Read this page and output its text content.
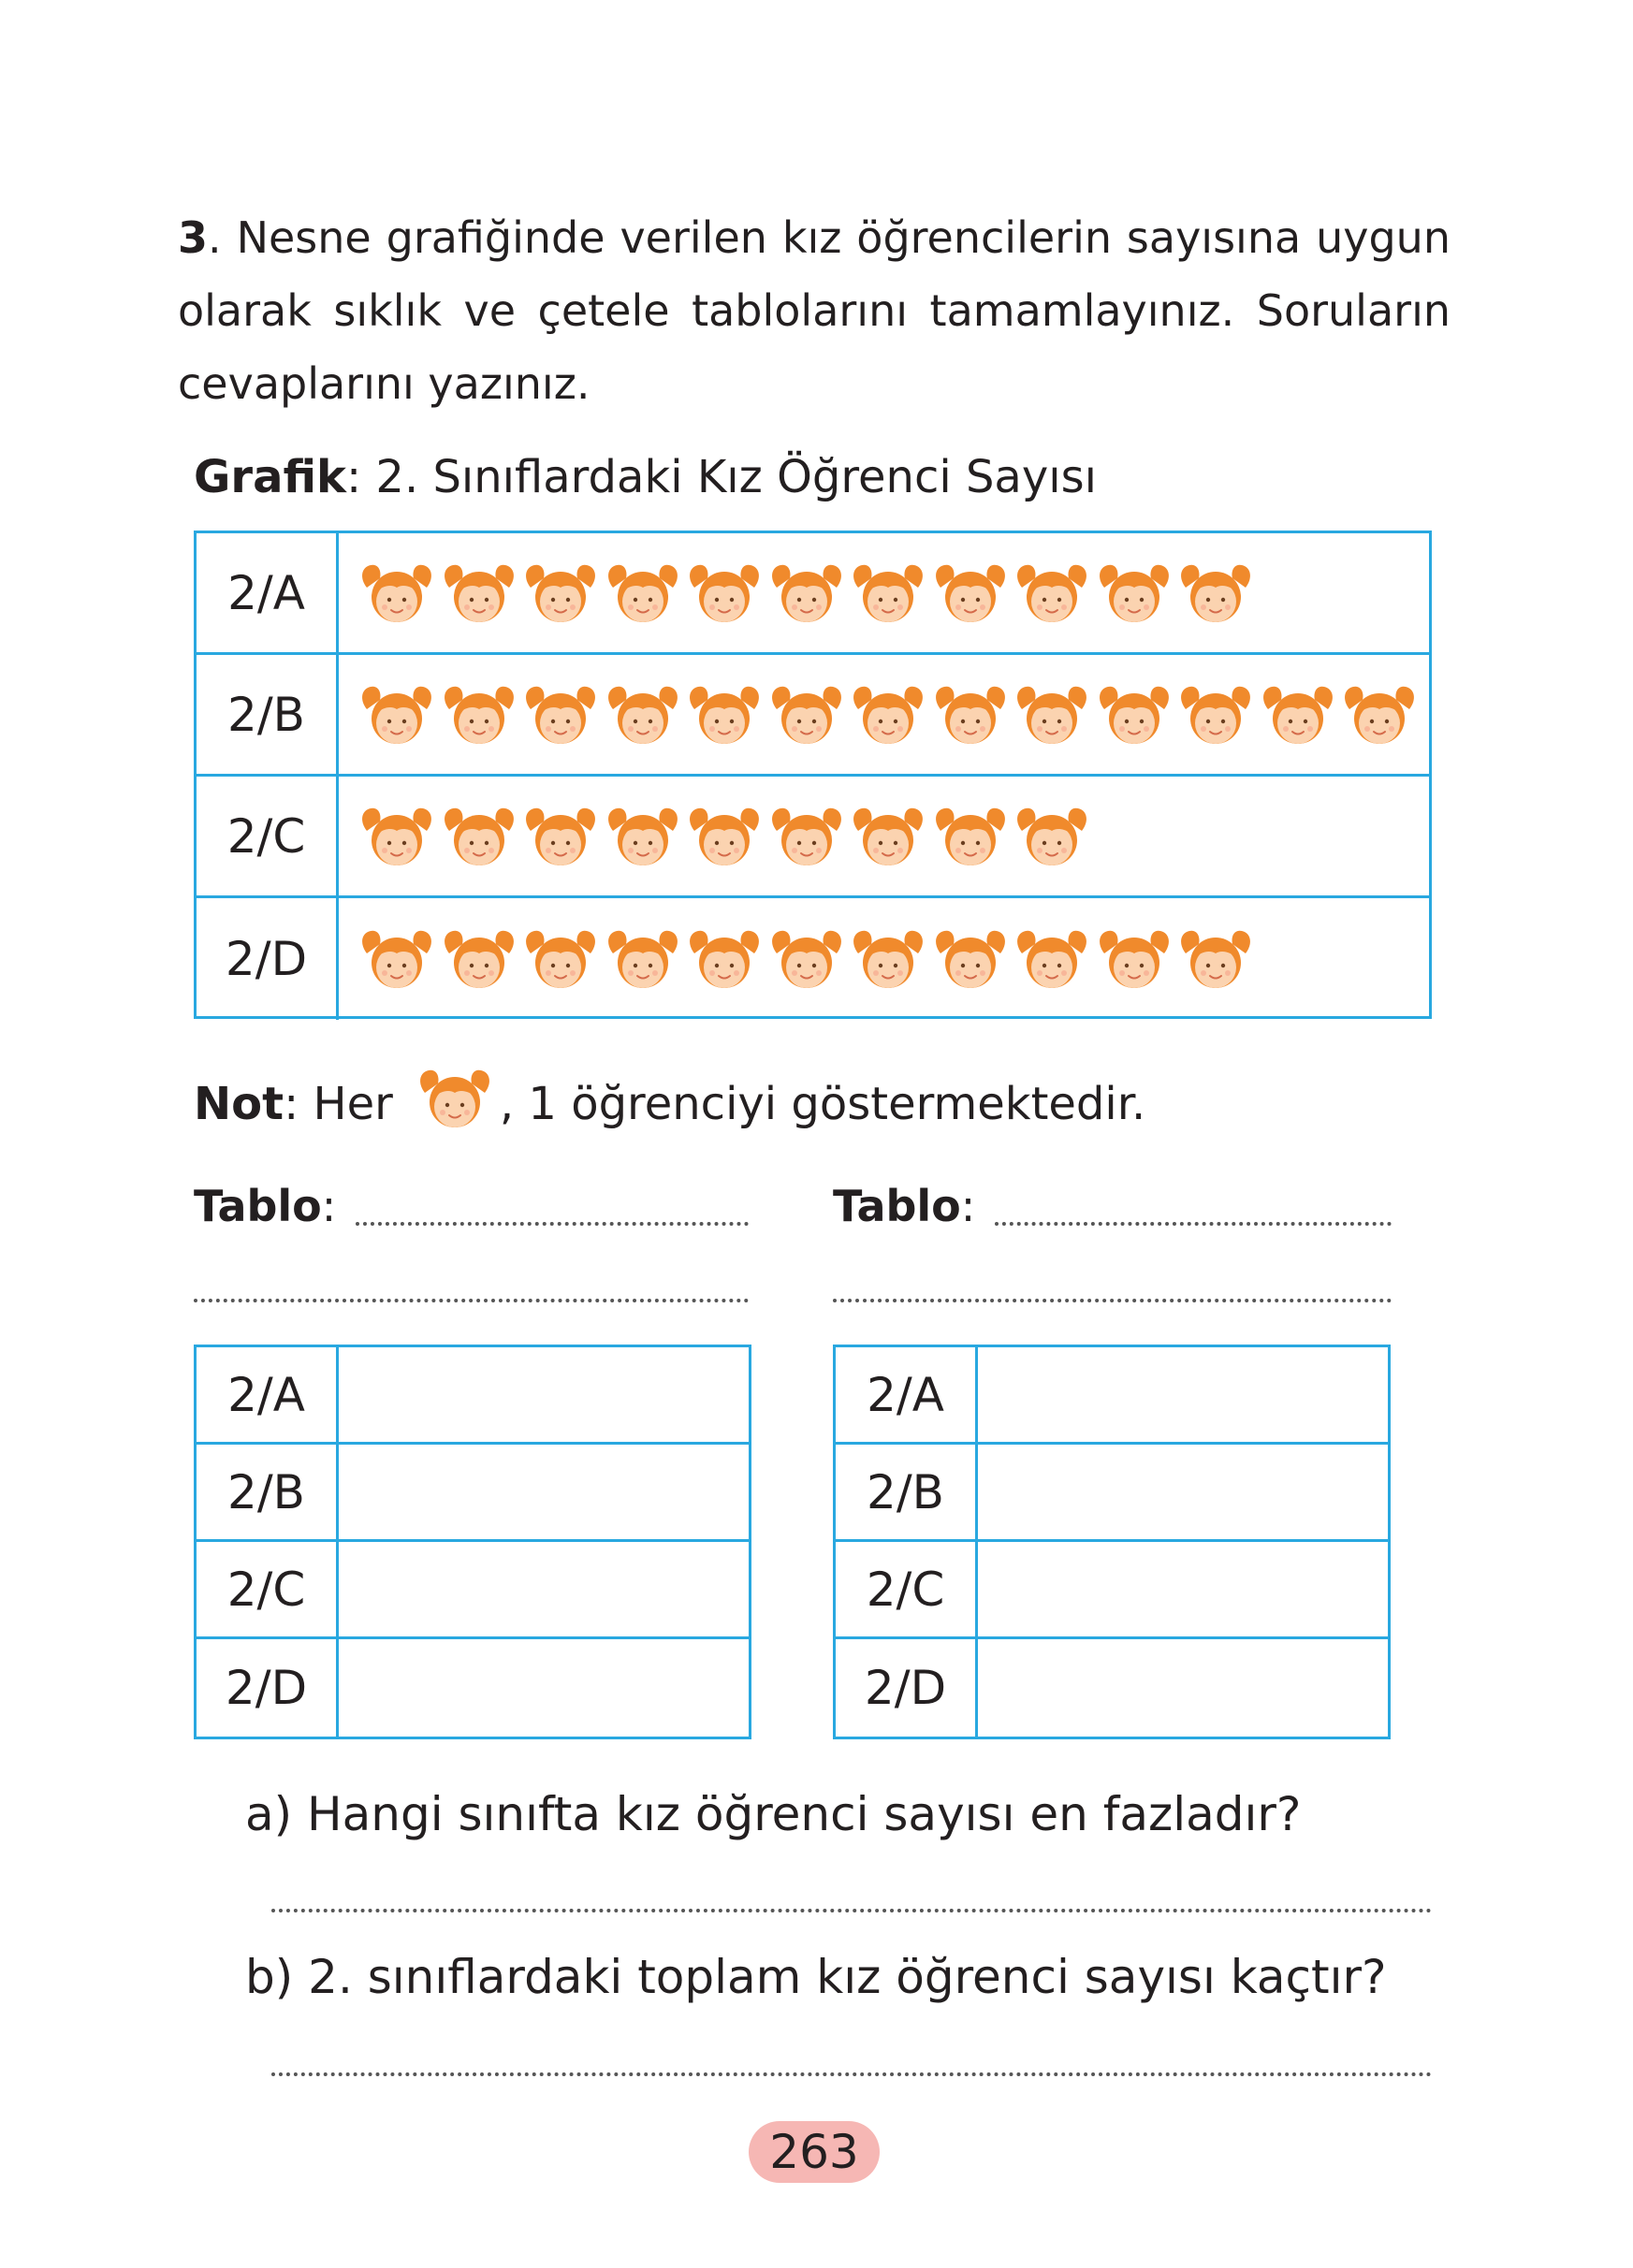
3. Nesne grafiğinde verilen kız öğrencilerin sayısına uygun olarak sıklık ve çetele tablolarını tamamlayınız. Soruların cevaplarını yazınız.
Grafik: 2. Sınıflardaki Kız Öğrenci Sayısı
2/A
2/B
2/C
2/D
Not : Her , 1 öğrenciyi göstermektedir.
Tablo:	Tablo:
2/A
2/B
2/C
2/D
2/A
2/B
2/C
2/D
a) Hangi sınıfta kız öğrenci sayısı en fazladır?
b) 2. sınıflardaki toplam kız öğrenci sayısı kaçtır?
263
